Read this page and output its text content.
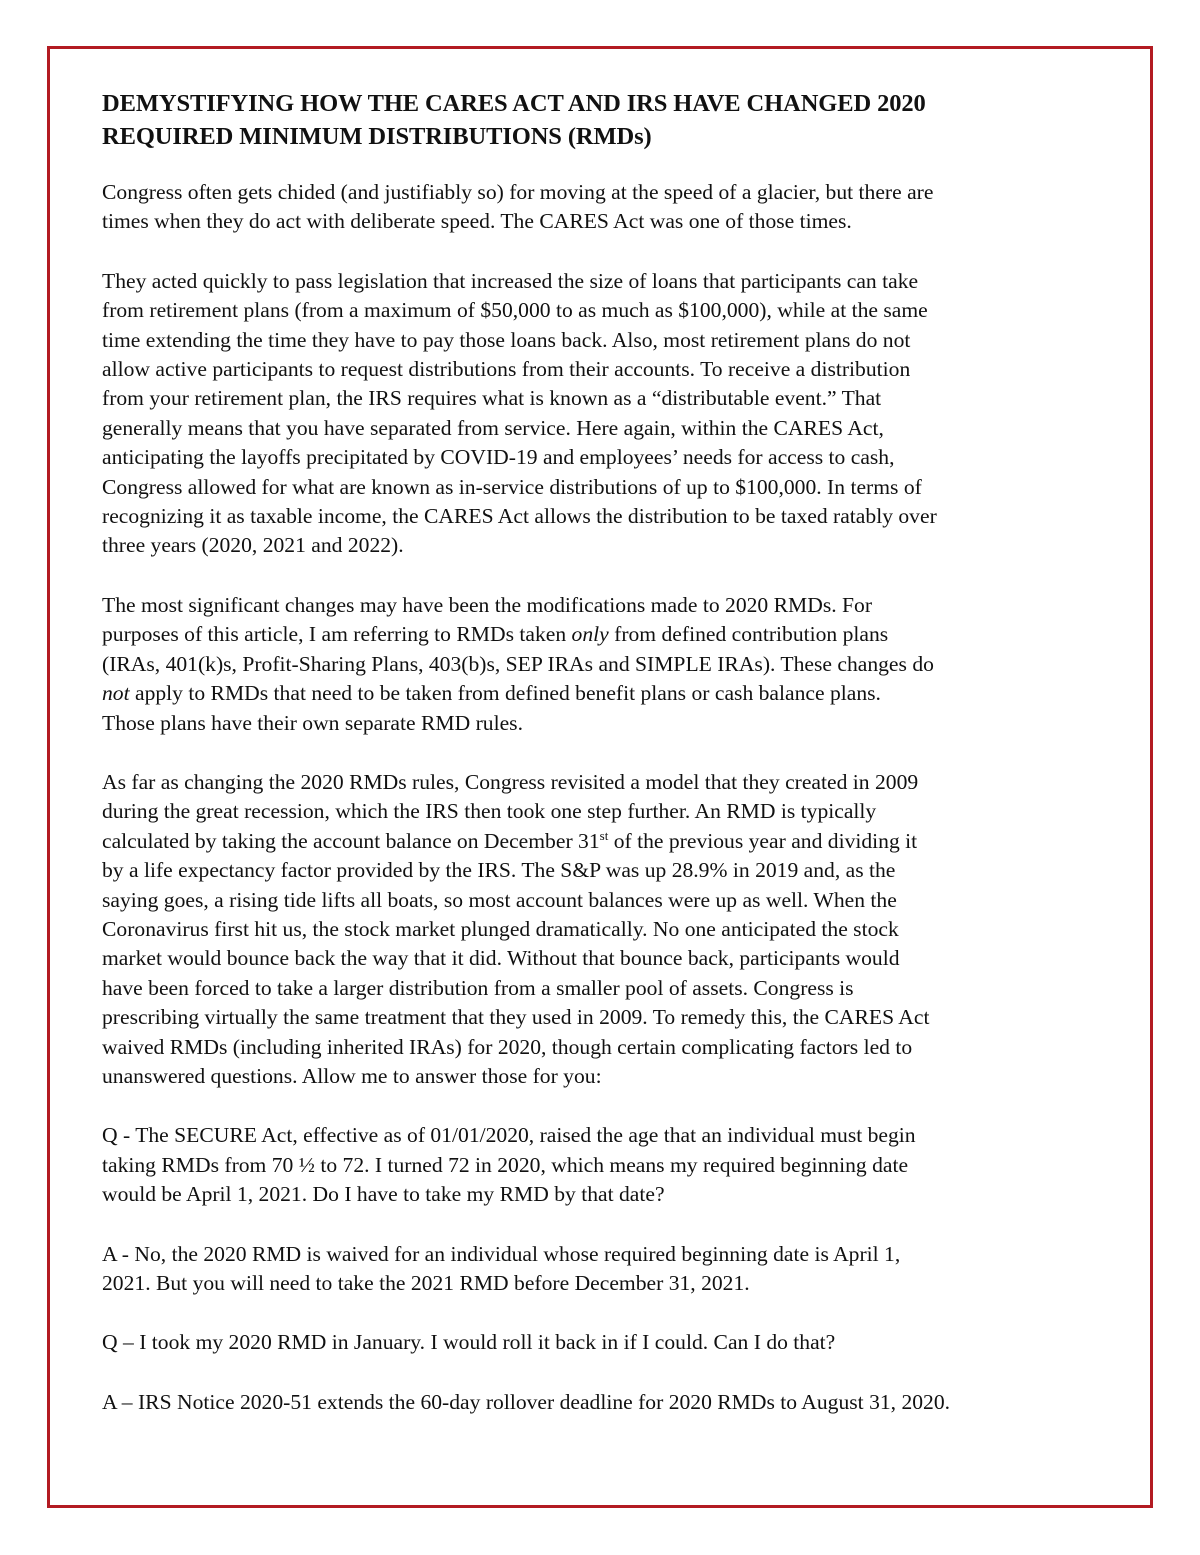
DEMYSTIFYING HOW THE CARES ACT AND IRS HAVE CHANGED 2020
REQUIRED MINIMUM DISTRIBUTIONS (RMDs)

Congress often gets chided (and justifiably so) for moving at the speed of a glacier, but there are
times when they do act with deliberate speed. The CARES Act was one of those times.

They acted quickly to pass legislation that increased the size of loans that participants can take
from retirement plans (from a maximum of $50,000 to as much as $100,000), while at the same
time extending the time they have to pay those loans back. Also, most retirement plans do not
allow active participants to request distributions from their accounts. To receive a distribution
from your retirement plan, the IRS requires what is known as a “distributable event.” That
generally means that you have separated from service. Here again, within the CARES Act,
anticipating the layoffs precipitated by COVID-19 and employees’ needs for access to cash,
Congress allowed for what are known as in-service distributions of up to $100,000. In terms of
recognizing it as taxable income, the CARES Act allows the distribution to be taxed ratably over
three years (2020, 2021 and 2022).

The most significant changes may have been the modifications made to 2020 RMDs. For
purposes of this article, I am referring to RMDs taken only from defined contribution plans
(IRAs, 401(k)s, Profit-Sharing Plans, 403(b)s, SEP IRAs and SIMPLE IRAs). These changes do
not apply to RMDs that need to be taken from defined benefit plans or cash balance plans.
Those plans have their own separate RMD rules.

As far as changing the 2020 RMDs rules, Congress revisited a model that they created in 2009
during the great recession, which the IRS then took one step further. An RMD is typically
calculated by taking the account balance on December 31st of the previous year and dividing it
by a life expectancy factor provided by the IRS. The S&P was up 28.9% in 2019 and, as the
saying goes, a rising tide lifts all boats, so most account balances were up as well. When the
Coronavirus first hit us, the stock market plunged dramatically. No one anticipated the stock
market would bounce back the way that it did. Without that bounce back, participants would
have been forced to take a larger distribution from a smaller pool of assets. Congress is
prescribing virtually the same treatment that they used in 2009. To remedy this, the CARES Act
waived RMDs (including inherited IRAs) for 2020, though certain complicating factors led to
unanswered questions. Allow me to answer those for you:

Q - The SECURE Act, effective as of 01/01/2020, raised the age that an individual must begin
taking RMDs from 70 ½ to 72. I turned 72 in 2020, which means my required beginning date
would be April 1, 2021. Do I have to take my RMD by that date?

A - No, the 2020 RMD is waived for an individual whose required beginning date is April 1,
2021. But you will need to take the 2021 RMD before December 31, 2021.

Q – I took my 2020 RMD in January. I would roll it back in if I could. Can I do that?

A – IRS Notice 2020-51 extends the 60-day rollover deadline for 2020 RMDs to August 31, 2020.
